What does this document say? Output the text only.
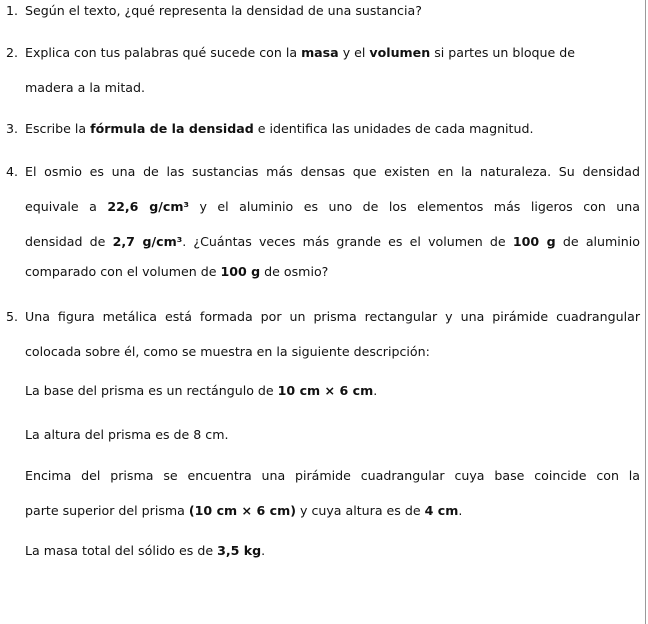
1. Según el texto, ¿qué representa la densidad de una sustancia?
2. Explica con tus palabras qué sucede con la masa y el volumen si partes un bloque de
madera a la mitad.
3. Escribe la fórmula de la densidad e identifica las unidades de cada magnitud.
4. El osmio es una de las sustancias más densas que existen en la naturaleza. Su densidad
equivale a 22,6 g/cm³ y el aluminio es uno de los elementos más ligeros con una
densidad de 2,7 g/cm³. ¿Cuántas veces más grande es el volumen de 100 g de aluminio
comparado con el volumen de 100 g de osmio?
5. Una figura metálica está formada por un prisma rectangular y una pirámide cuadrangular
colocada sobre él, como se muestra en la siguiente descripción:
La base del prisma es un rectángulo de 10 cm × 6 cm.
La altura del prisma es de 8 cm.
Encima del prisma se encuentra una pirámide cuadrangular cuya base coincide con la
parte superior del prisma (10 cm × 6 cm) y cuya altura es de 4 cm.
La masa total del sólido es de 3,5 kg.
